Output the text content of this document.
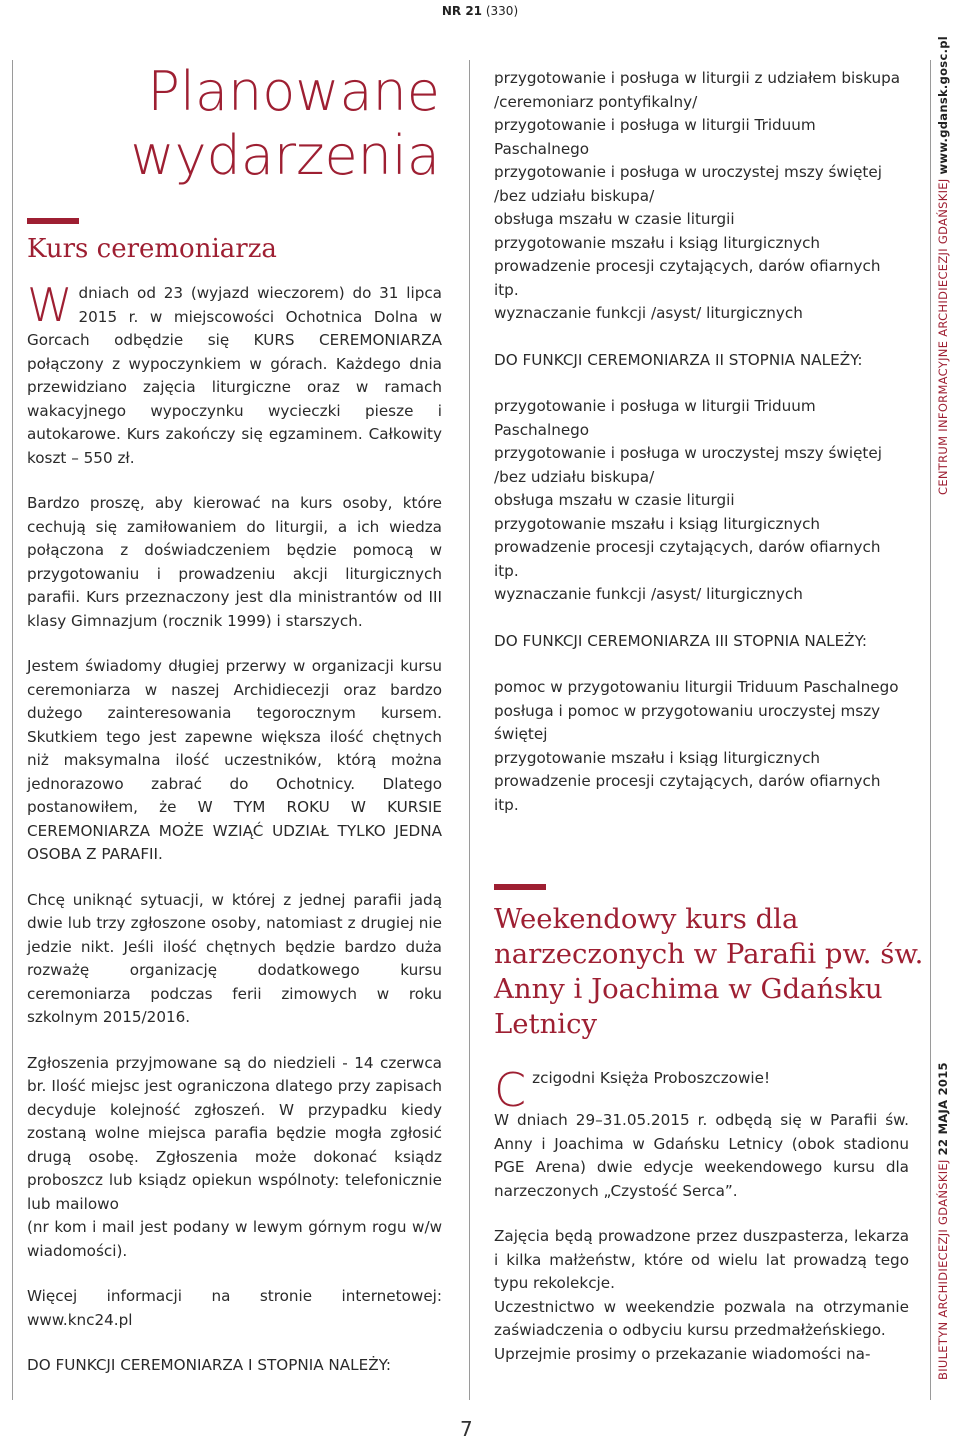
NR 21 (330)
Planowane wydarzenia
Kurs ceremoniarza

Wdniach od 23 (wyjazd wieczorem) do 31 lipca 2015 r. w miejscowości Ochotnica Dolna w Gorcach odbędzie się KURS CEREMONIARZA połączony z wypoczynkiem w górach. Każdego dnia przewidziano zajęcia liturgiczne oraz w ramach wakacyjnego wypoczynku wycieczki piesze i autokarowe. Kurs zakończy się egzaminem. Całkowity koszt – 550 zł.

Bardzo proszę, aby kierować na kurs osoby, które cechują się zamiłowaniem do liturgii, a ich wiedza połączona z doświadczeniem będzie pomocą w przygotowaniu i prowadzeniu akcji liturgicznych parafii. Kurs przeznaczony jest dla ministrantów od III klasy Gimnazjum (rocznik 1999) i starszych.

Jestem świadomy długiej przerwy w organizacji kursu ceremoniarza w naszej Archidiecezji oraz bardzo dużego zainteresowania tegorocznym kursem. Skutkiem tego jest zapewne większa ilość chętnych niż maksymalna ilość uczestników, którą można jednorazowo zabrać do Ochotnicy. Dlatego postanowiłem, że W TYM ROKU W KURSIE CEREMONIARZA MOŻE WZIĄĆ UDZIAŁ TYLKO JEDNA OSOBA Z PARAFII.

Chcę uniknąć sytuacji, w której z jednej parafii jadą dwie lub trzy zgłoszone osoby, natomiast z drugiej nie jedzie nikt. Jeśli ilość chętnych będzie bardzo duża rozważę organizację dodatkowego kursu ceremoniarza podczas ferii zimowych w roku szkolnym 2015/2016.

Zgłoszenia przyjmowane są do niedzieli - 14 czerwca br. Ilość miejsc jest ograniczona dlatego przy zapisach decyduje kolejność zgłoszeń. W przypadku kiedy zostaną wolne miejsca parafia będzie mogła zgłosić drugą osobę. Zgłoszenia może dokonać ksiądz proboszcz lub ksiądz opiekun wspólnoty: telefonicznie lub mailowo

(nr kom i mail jest podany w lewym górnym rogu w/w wiadomości).

Więcej informacji na stronie internetowej: www.knc24.pl

DO FUNKCJI CEREMONIARZA I STOPNIA NALEŻY:

przygotowanie i posługa w liturgii z udziałem biskupa /ceremoniarz pontyfikalny/

przygotowanie i posługa w liturgii Triduum Paschalnego

przygotowanie i posługa w uroczystej mszy świętej /bez udziału biskupa/

obsługa mszału w czasie liturgii

przygotowanie mszału i ksiąg liturgicznych

prowadzenie procesji czytających, darów ofiarnych itp.

wyznaczanie funkcji /asyst/ liturgicznych

DO FUNKCJI CEREMONIARZA II STOPNIA NALEŻY:

przygotowanie i posługa w liturgii Triduum Paschalnego

przygotowanie i posługa w uroczystej mszy świętej /bez udziału biskupa/

obsługa mszału w czasie liturgii

przygotowanie mszału i ksiąg liturgicznych

prowadzenie procesji czytających, darów ofiarnych itp.

wyznaczanie funkcji /asyst/ liturgicznych

DO FUNKCJI CEREMONIARZA III STOPNIA NALEŻY:

pomoc w przygotowaniu liturgii Triduum Paschalnego

posługa i pomoc w przygotowaniu uroczystej mszy świętej

przygotowanie mszału i ksiąg liturgicznych

prowadzenie procesji czytających, darów ofiarnych itp.

Weekendowy kurs dla narzeczonych w Parafii pw. św. Anny i Joachima w Gdańsku Letnicy

Czcigodni Księża Proboszczowie!

W dniach 29–31.05.2015 r. odbędą się w Parafii św. Anny i Joachima w Gdańsku Letnicy (obok stadionu PGE Arena) dwie edycje weekendowego kursu dla narzeczonych „Czystość Serca”.

Zajęcia będą prowadzone przez duszpasterza, lekarza i kilka małżeństw, które od wielu lat prowadzą tego typu rekolekcje.

Uczestnictwo w weekendzie pozwala na otrzymanie zaświadczenia o odbyciu kursu przedmałżeńskiego.

Uprzejmie prosimy o przekazanie wiadomości na-

CENTRUM INFORMACYJNE ARCHIDIECEZJI GDAŃSKIEJ www.gdansk.gosc.pl
BIULETYN ARCHIDIECEZJI GDAŃSKIEJ 22 MAJA 2015
7
